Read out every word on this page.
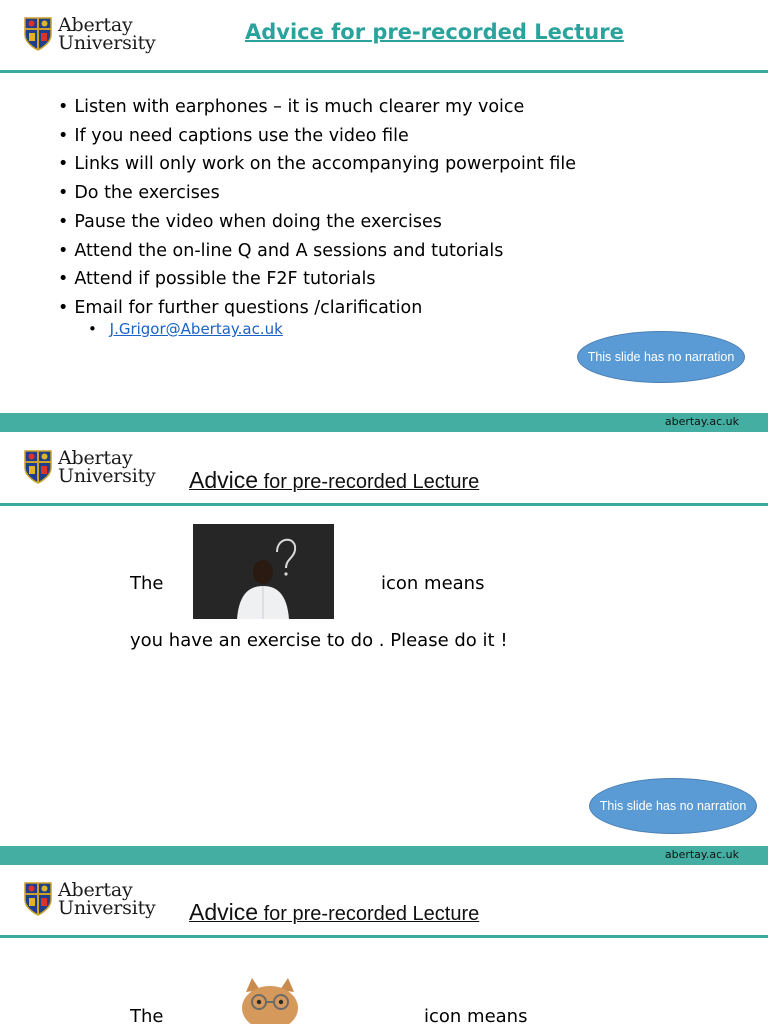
Abertay
University	Advice for pre-recorded Lecture
• Listen with earphones – it is much clearer my voice
• If you need captions use the video file
• Links will only work on the accompanying powerpoint file
• Do the exercises
• Pause the video when doing the exercises
• Attend the on-line Q and A sessions and tutorials
• Attend if possible the F2F tutorials
• Email for further questions /clarification
• J.Grigor@Abertay.ac.uk
This slide has no narration
abertay.ac.uk
Abertay
University Advice for pre-recorded Lecture
The	icon means
you have an exercise to do . Please do it !
This slide has no narration
abertay.ac.uk
Abertay
University Advice for pre-recorded Lecture
The	icon means
